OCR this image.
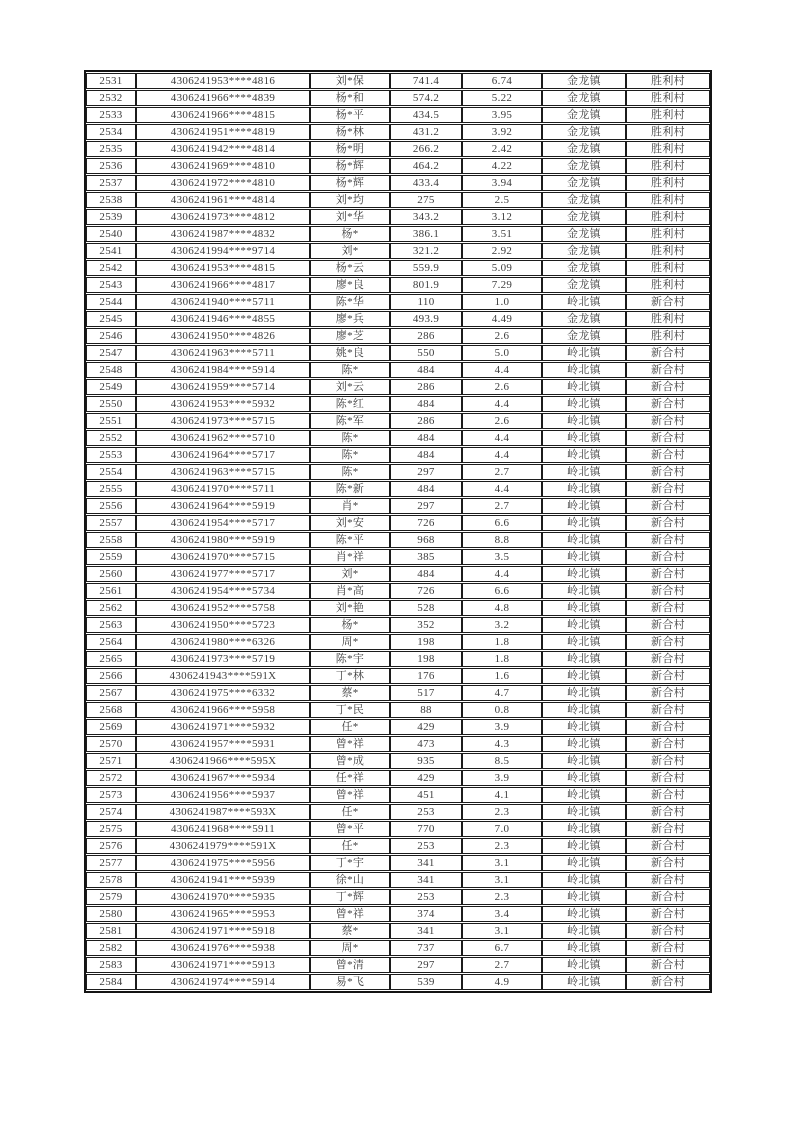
2531	4306241953****4816	刘*保	741.4	6.74	金龙镇	胜利村
2532	4306241966****4839	杨*和	574.2	5.22	金龙镇	胜利村
2533	4306241966****4815	杨*平	434.5	3.95	金龙镇	胜利村
2534	4306241951****4819	杨*林	431.2	3.92	金龙镇	胜利村
2535	4306241942****4814	杨*明	266.2	2.42	金龙镇	胜利村
2536	4306241969****4810	杨*辉	464.2	4.22	金龙镇	胜利村
2537	4306241972****4810	杨*辉	433.4	3.94	金龙镇	胜利村
2538	4306241961****4814	刘*均	275	2.5	金龙镇	胜利村
2539	4306241973****4812	刘*华	343.2	3.12	金龙镇	胜利村
2540	4306241987****4832	杨*	386.1	3.51	金龙镇	胜利村
2541	4306241994****9714	刘*	321.2	2.92	金龙镇	胜利村
2542	4306241953****4815	杨*云	559.9	5.09	金龙镇	胜利村
2543	4306241966****4817	廖*良	801.9	7.29	金龙镇	胜利村
2544	4306241940****5711	陈*华	110	1.0	岭北镇	新合村
2545	4306241946****4855	廖*兵	493.9	4.49	金龙镇	胜利村
2546	4306241950****4826	廖*芝	286	2.6	金龙镇	胜利村
2547	4306241963****5711	姚*良	550	5.0	岭北镇	新合村
2548	4306241984****5914	陈*	484	4.4	岭北镇	新合村
2549	4306241959****5714	刘*云	286	2.6	岭北镇	新合村
2550	4306241953****5932	陈*红	484	4.4	岭北镇	新合村
2551	4306241973****5715	陈*军	286	2.6	岭北镇	新合村
2552	4306241962****5710	陈*	484	4.4	岭北镇	新合村
2553	4306241964****5717	陈*	484	4.4	岭北镇	新合村
2554	4306241963****5715	陈*	297	2.7	岭北镇	新合村
2555	4306241970****5711	陈*新	484	4.4	岭北镇	新合村
2556	4306241964****5919	肖*	297	2.7	岭北镇	新合村
2557	4306241954****5717	刘*安	726	6.6	岭北镇	新合村
2558	4306241980****5919	陈*平	968	8.8	岭北镇	新合村
2559	4306241970****5715	肖*祥	385	3.5	岭北镇	新合村
2560	4306241977****5717	刘*	484	4.4	岭北镇	新合村
2561	4306241954****5734	肖*高	726	6.6	岭北镇	新合村
2562	4306241952****5758	刘*艳	528	4.8	岭北镇	新合村
2563	4306241950****5723	杨*	352	3.2	岭北镇	新合村
2564	4306241980****6326	周*	198	1.8	岭北镇	新合村
2565	4306241973****5719	陈*宇	198	1.8	岭北镇	新合村
2566	4306241943****591X	丁*林	176	1.6	岭北镇	新合村
2567	4306241975****6332	蔡*	517	4.7	岭北镇	新合村
2568	4306241966****5958	丁*民	88	0.8	岭北镇	新合村
2569	4306241971****5932	任*	429	3.9	岭北镇	新合村
2570	4306241957****5931	曾*祥	473	4.3	岭北镇	新合村
2571	4306241966****595X	曾*成	935	8.5	岭北镇	新合村
2572	4306241967****5934	任*祥	429	3.9	岭北镇	新合村
2573	4306241956****5937	曾*祥	451	4.1	岭北镇	新合村
2574	4306241987****593X	任*	253	2.3	岭北镇	新合村
2575	4306241968****5911	曾*平	770	7.0	岭北镇	新合村
2576	4306241979****591X	任*	253	2.3	岭北镇	新合村
2577	4306241975****5956	丁*宇	341	3.1	岭北镇	新合村
2578	4306241941****5939	徐*山	341	3.1	岭北镇	新合村
2579	4306241970****5935	丁*辉	253	2.3	岭北镇	新合村
2580	4306241965****5953	曾*祥	374	3.4	岭北镇	新合村
2581	4306241971****5918	蔡*	341	3.1	岭北镇	新合村
2582	4306241976****5938	周*	737	6.7	岭北镇	新合村
2583	4306241971****5913	曾*清	297	2.7	岭北镇	新合村
2584	4306241974****5914	易*飞	539	4.9	岭北镇	新合村
